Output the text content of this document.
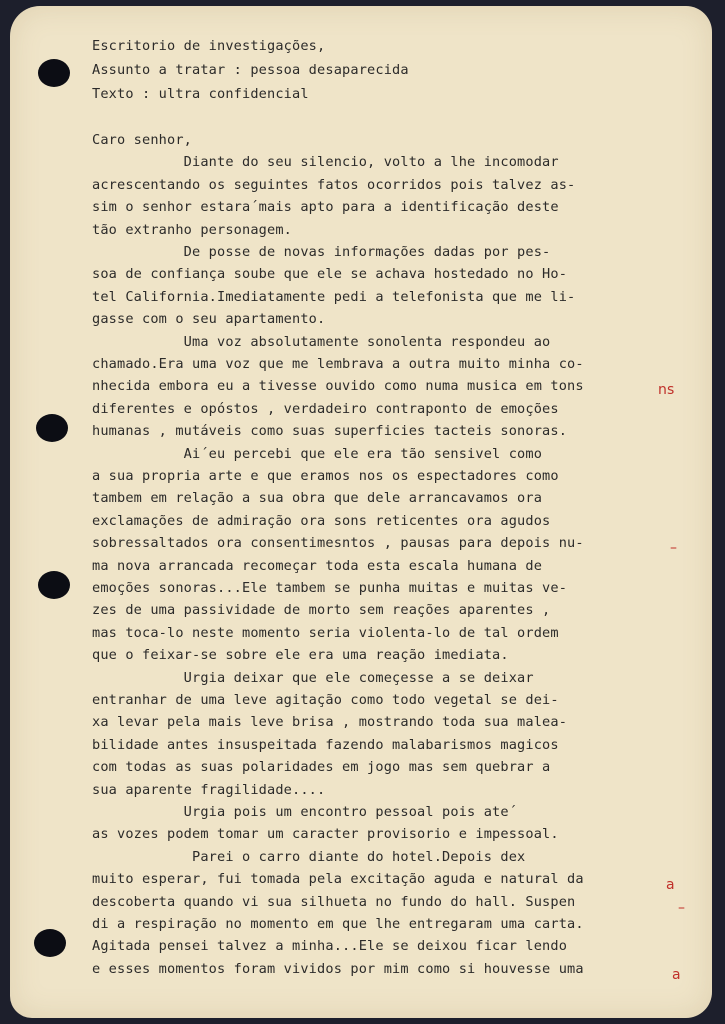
Escritorio de investigações,

Assunto a tratar : pessoa desaparecida

Texto : ultra confidencial

Caro senhor,
Diante do seu silencio, volto a lhe incomodar
acrescentando os seguintes fatos ocorridos pois talvez as-
sim o senhor estara´mais apto para a identificação deste
tão extranho personagem.
De posse de novas informações dadas por pes-
soa de confiança soube que ele se achava hostedado no Ho-
tel California.Imediatamente pedi a telefonista que me li-
gasse com o seu apartamento.
Uma voz absolutamente sonolenta respondeu ao
chamado.Era uma voz que me lembrava a outra muito minha co-
nhecida embora eu a tivesse ouvido como numa musica em tons
diferentes e opóstos , verdadeiro contraponto de emoções
humanas , mutáveis como suas superficies tacteis sonoras.
Ai´eu percebi que ele era tão sensivel como
a sua propria arte e que eramos nos os espectadores como
tambem em relação a sua obra que dele arrancavamos ora
exclamações de admiração ora sons reticentes ora agudos
sobressaltados ora consentimesntos , pausas para depois nu-
ma nova arrancada recomeçar toda esta escala humana de
emoções sonoras...Ele tambem se punha muitas e muitas ve-
zes de uma passividade de morto sem reações aparentes ,
mas toca-lo neste momento seria violenta-lo de tal ordem
que o feixar-se sobre ele era uma reação imediata.
Urgia deixar que ele começesse a se deixar
entranhar de uma leve agitação como todo vegetal se dei-
xa levar pela mais leve brisa , mostrando toda sua malea-
bilidade antes insuspeitada fazendo malabarismos magicos
com todas as suas polaridades em jogo mas sem quebrar a
sua aparente fragilidade....
Urgia pois um encontro pessoal pois ate´
as vozes podem tomar um caracter provisorio e impessoal.
Parei o carro diante do hotel.Depois dex
muito esperar, fui tomada pela excitação aguda e natural da
descoberta quando vi sua silhueta no fundo do hall. Suspen
di a respiração no momento em que lhe entregaram uma carta.
Agitada pensei talvez a minha...Ele se deixou ficar lendo
e esses momentos foram vividos por mim como si houvesse uma

ns

–

a

–

a
